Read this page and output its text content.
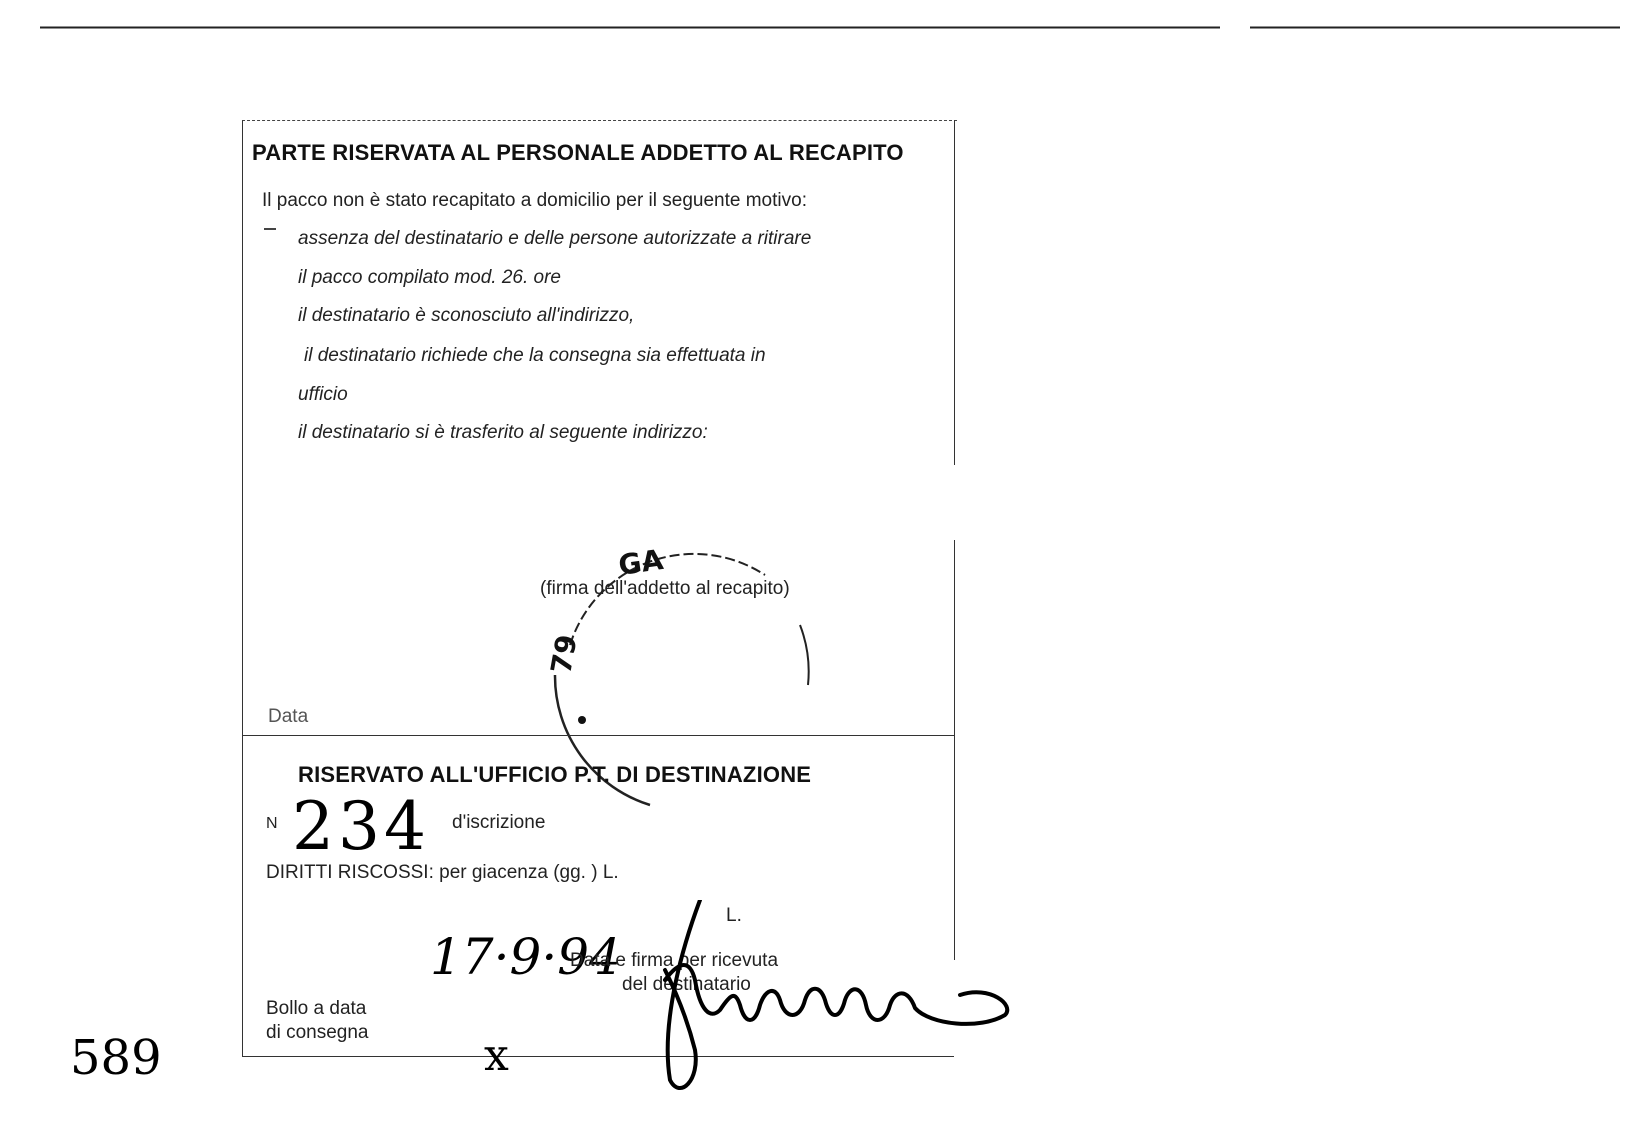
PARTE RISERVATA AL PERSONALE ADDETTO AL RECAPITO
Il pacco non è stato recapitato a domicilio per il seguente motivo:
assenza del destinatario e delle persone autorizzate a ritirare
il pacco compilato mod. 26. ore
il destinatario è sconosciuto all'indirizzo,
il destinatario richiede che la consegna sia effettuata in
ufficio
il destinatario si è trasferito al seguente indirizzo:
(firma dell'addetto al recapito)
Data
GA
79
RISERVATO ALL'UFFICIO P.T. DI DESTINAZIONE
N 234 d'iscrizione
DIRITTI RISCOSSI: per giacenza (gg. ) L.
L.
17·9·94
Data e firma per ricevuta
del destinatario
Bollo a data
di consegna	x
589
